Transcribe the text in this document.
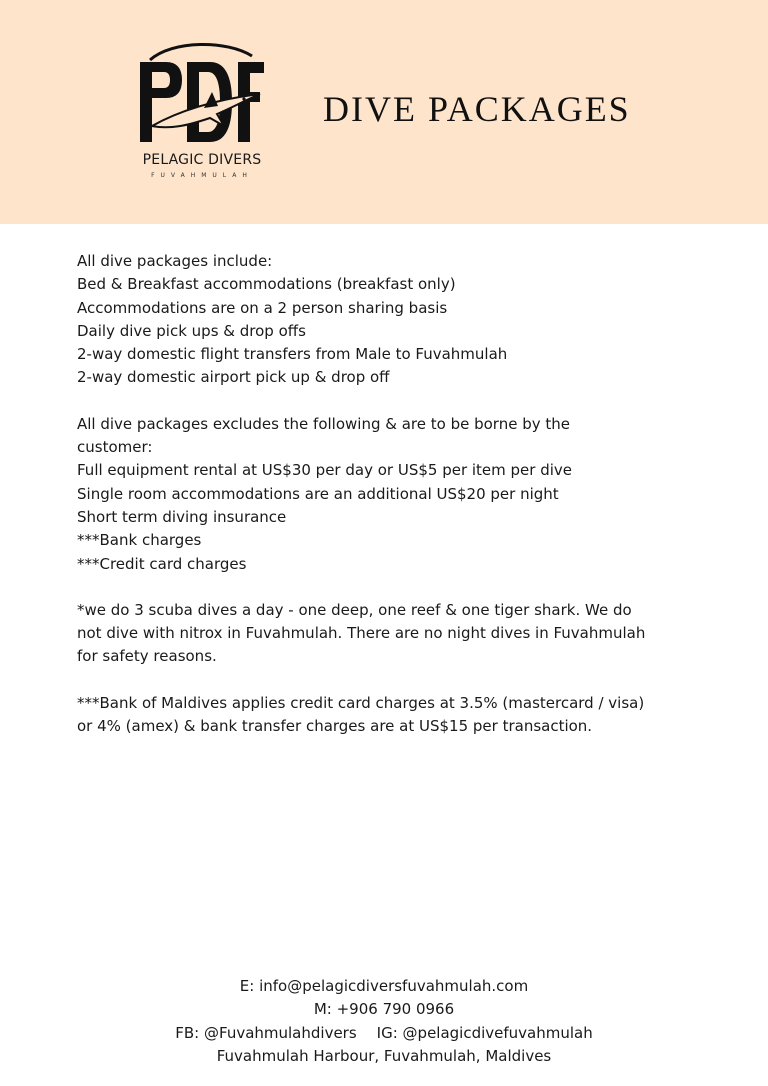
PELAGIC DIVERS
FUVAHMULAH
DIVE PACKAGES
All dive packages include:
Bed & Breakfast accommodations (breakfast only)
Accommodations are on a 2 person sharing basis
Daily dive pick ups & drop offs
2-way domestic flight transfers from Male to Fuvahmulah
2-way domestic airport pick up & drop off
All dive packages excludes the following & are to be borne by the
customer:
Full equipment rental at US$30 per day or US$5 per item per dive
Single room accommodations are an additional US$20 per night
Short term diving insurance
***Bank charges
***Credit card charges
*we do 3 scuba dives a day - one deep, one reef & one tiger shark. We do
not dive with nitrox in Fuvahmulah. There are no night dives in Fuvahmulah
for safety reasons.
***Bank of Maldives applies credit card charges at 3.5% (mastercard / visa)
or 4% (amex) & bank transfer charges are at US$15 per transaction.
E: info@pelagicdiversfuvahmulah.com
M: +906 790 0966
FB: @Fuvahmulahdivers IG: @pelagicdivefuvahmulah
Fuvahmulah Harbour, Fuvahmulah, Maldives
